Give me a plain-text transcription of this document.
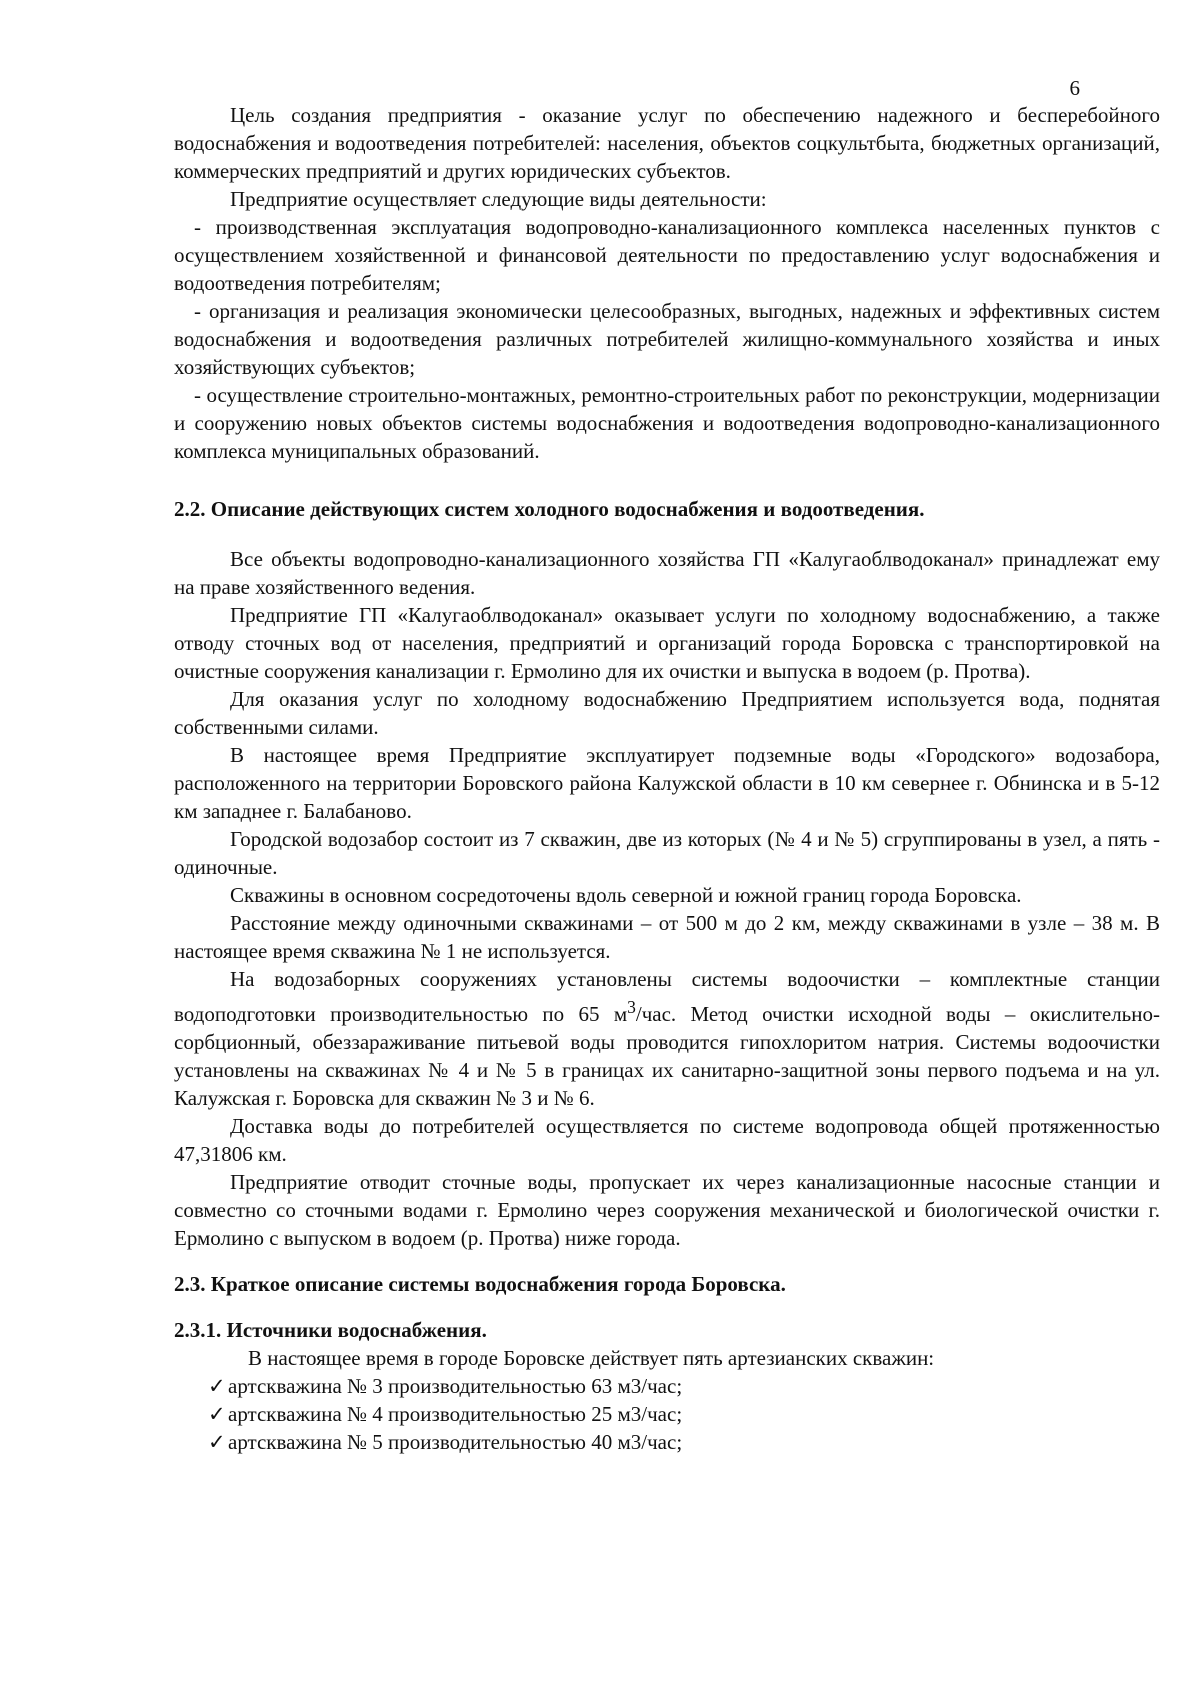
6

Цель создания предприятия - оказание услуг по обеспечению надежного и бесперебойного водоснабжения и водоотведения потребителей: населения, объектов соцкультбыта, бюджетных организаций, коммерческих предприятий и других юридических субъектов.

Предприятие осуществляет следующие виды деятельности:

- производственная эксплуатация водопроводно-канализационного комплекса населенных пунктов с осуществлением хозяйственной и финансовой деятельности по предоставлению услуг водоснабжения и водоотведения потребителям;

- организация и реализация экономически целесообразных, выгодных, надежных и эффективных систем водоснабжения и водоотведения различных потребителей жилищно-коммунального хозяйства и иных хозяйствующих субъектов;

- осуществление строительно-монтажных, ремонтно-строительных работ по реконструкции, модернизации и сооружению новых объектов системы водоснабжения и водоотведения водопроводно-канализационного комплекса муниципальных образований.

2.2. Описание действующих систем холодного водоснабжения и водоотведения.

Все объекты водопроводно-канализационного хозяйства ГП «Калугаоблводоканал» принадлежат ему на праве хозяйственного ведения.

Предприятие ГП «Калугаоблводоканал» оказывает услуги по холодному водоснабжению, а также отводу сточных вод от населения, предприятий и организаций города Боровска с транспортировкой на очистные сооружения канализации г. Ермолино для их очистки и выпуска в водоем (р. Протва).

Для оказания услуг по холодному водоснабжению Предприятием используется вода, поднятая собственными силами.

В настоящее время Предприятие эксплуатирует подземные воды «Городского» водозабора, расположенного на территории Боровского района Калужской области в 10 км севернее г. Обнинска и в 5-12 км западнее г. Балабаново.

Городской водозабор состоит из 7 скважин, две из которых (№ 4 и № 5) сгруппированы в узел, а пять - одиночные.

Скважины в основном сосредоточены вдоль северной и южной границ города Боровска.

Расстояние между одиночными скважинами – от 500 м до 2 км, между скважинами в узле – 38 м. В настоящее время скважина № 1 не используется.

На водозаборных сооружениях установлены системы водоочистки – комплектные станции водоподготовки производительностью по 65 $м^3$/час. Метод очистки исходной воды – окислительно-сорбционный, обеззараживание питьевой воды проводится гипохлоритом натрия. Системы водоочистки установлены на скважинах № 4 и № 5 в границах их санитарно-защитной зоны первого подъема и на ул. Калужская г. Боровска для скважин № 3 и № 6.

Доставка воды до потребителей осуществляется по системе водопровода общей протяженностью 47,31806 км.

Предприятие отводит сточные воды, пропускает их через канализационные насосные станции и совместно со сточными водами г. Ермолино через сооружения механической и биологической очистки г. Ермолино с выпуском в водоем (р. Протва) ниже города.

2.3. Краткое описание системы водоснабжения города Боровска.
2.3.1. Источники водоснабжения.

В настоящее время в городе Боровске действует пять артезианских скважин:

✓ артскважина № 3 производительностью 63 м3/час;
✓ артскважина № 4 производительностью 25 м3/час;
✓ артскважина № 5 производительностью 40 м3/час;
